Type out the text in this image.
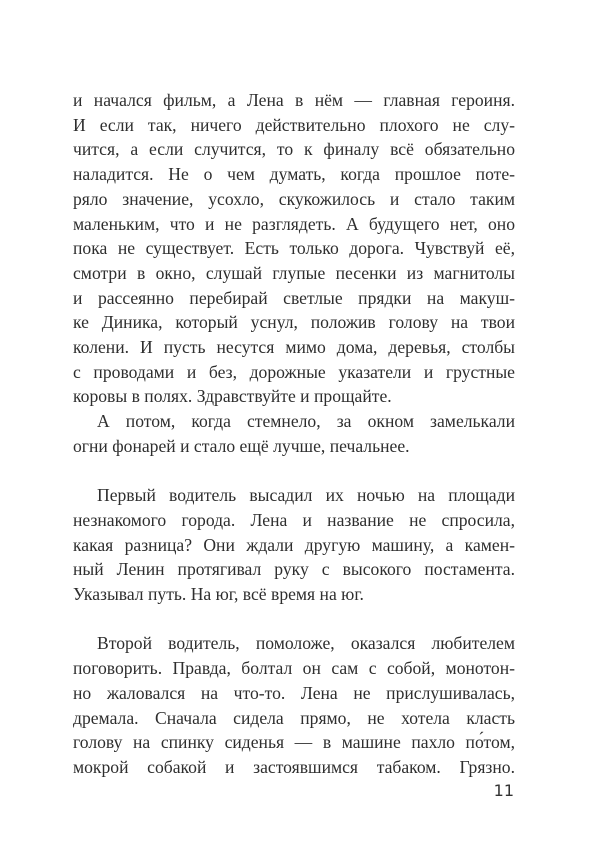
и начался фильм, а Лена в нём — главная героиня.
И если так, ничего действительно плохого не слу-
чится, а если случится, то к финалу всё обязательно
наладится. Не о чем думать, когда прошлое поте-
ряло значение, усохло, скукожилось и стало таким
маленьким, что и не разглядеть. А будущего нет, оно
пока не существует. Есть только дорога. Чувствуй её,
смотри в окно, слушай глупые песенки из магнитолы
и рассеянно перебирай светлые прядки на макуш-
ке Диника, который уснул, положив голову на твои
колени. И пусть несутся мимо дома, деревья, столбы
с проводами и без, дорожные указатели и грустные
коровы в полях. Здравствуйте и прощайте.
А потом, когда стемнело, за окном замелькали
огни фонарей и стало ещё лучше, печальнее.
Первый водитель высадил их ночью на площади
незнакомого города. Лена и название не спросила,
какая разница? Они ждали другую машину, а камен-
ный Ленин протягивал руку с высокого постамента.
Указывал путь. На юг, всё время на юг.
Второй водитель, помоложе, оказался любителем
поговорить. Правда, болтал он сам с собой, монотон-
но жаловался на что-то. Лена не прислушивалась,
дремала. Сначала сидела прямо, не хотела класть
голову на спинку сиденья — в машине пахло по́том,
мокрой собакой и застоявшимся табаком. Грязно.
11
